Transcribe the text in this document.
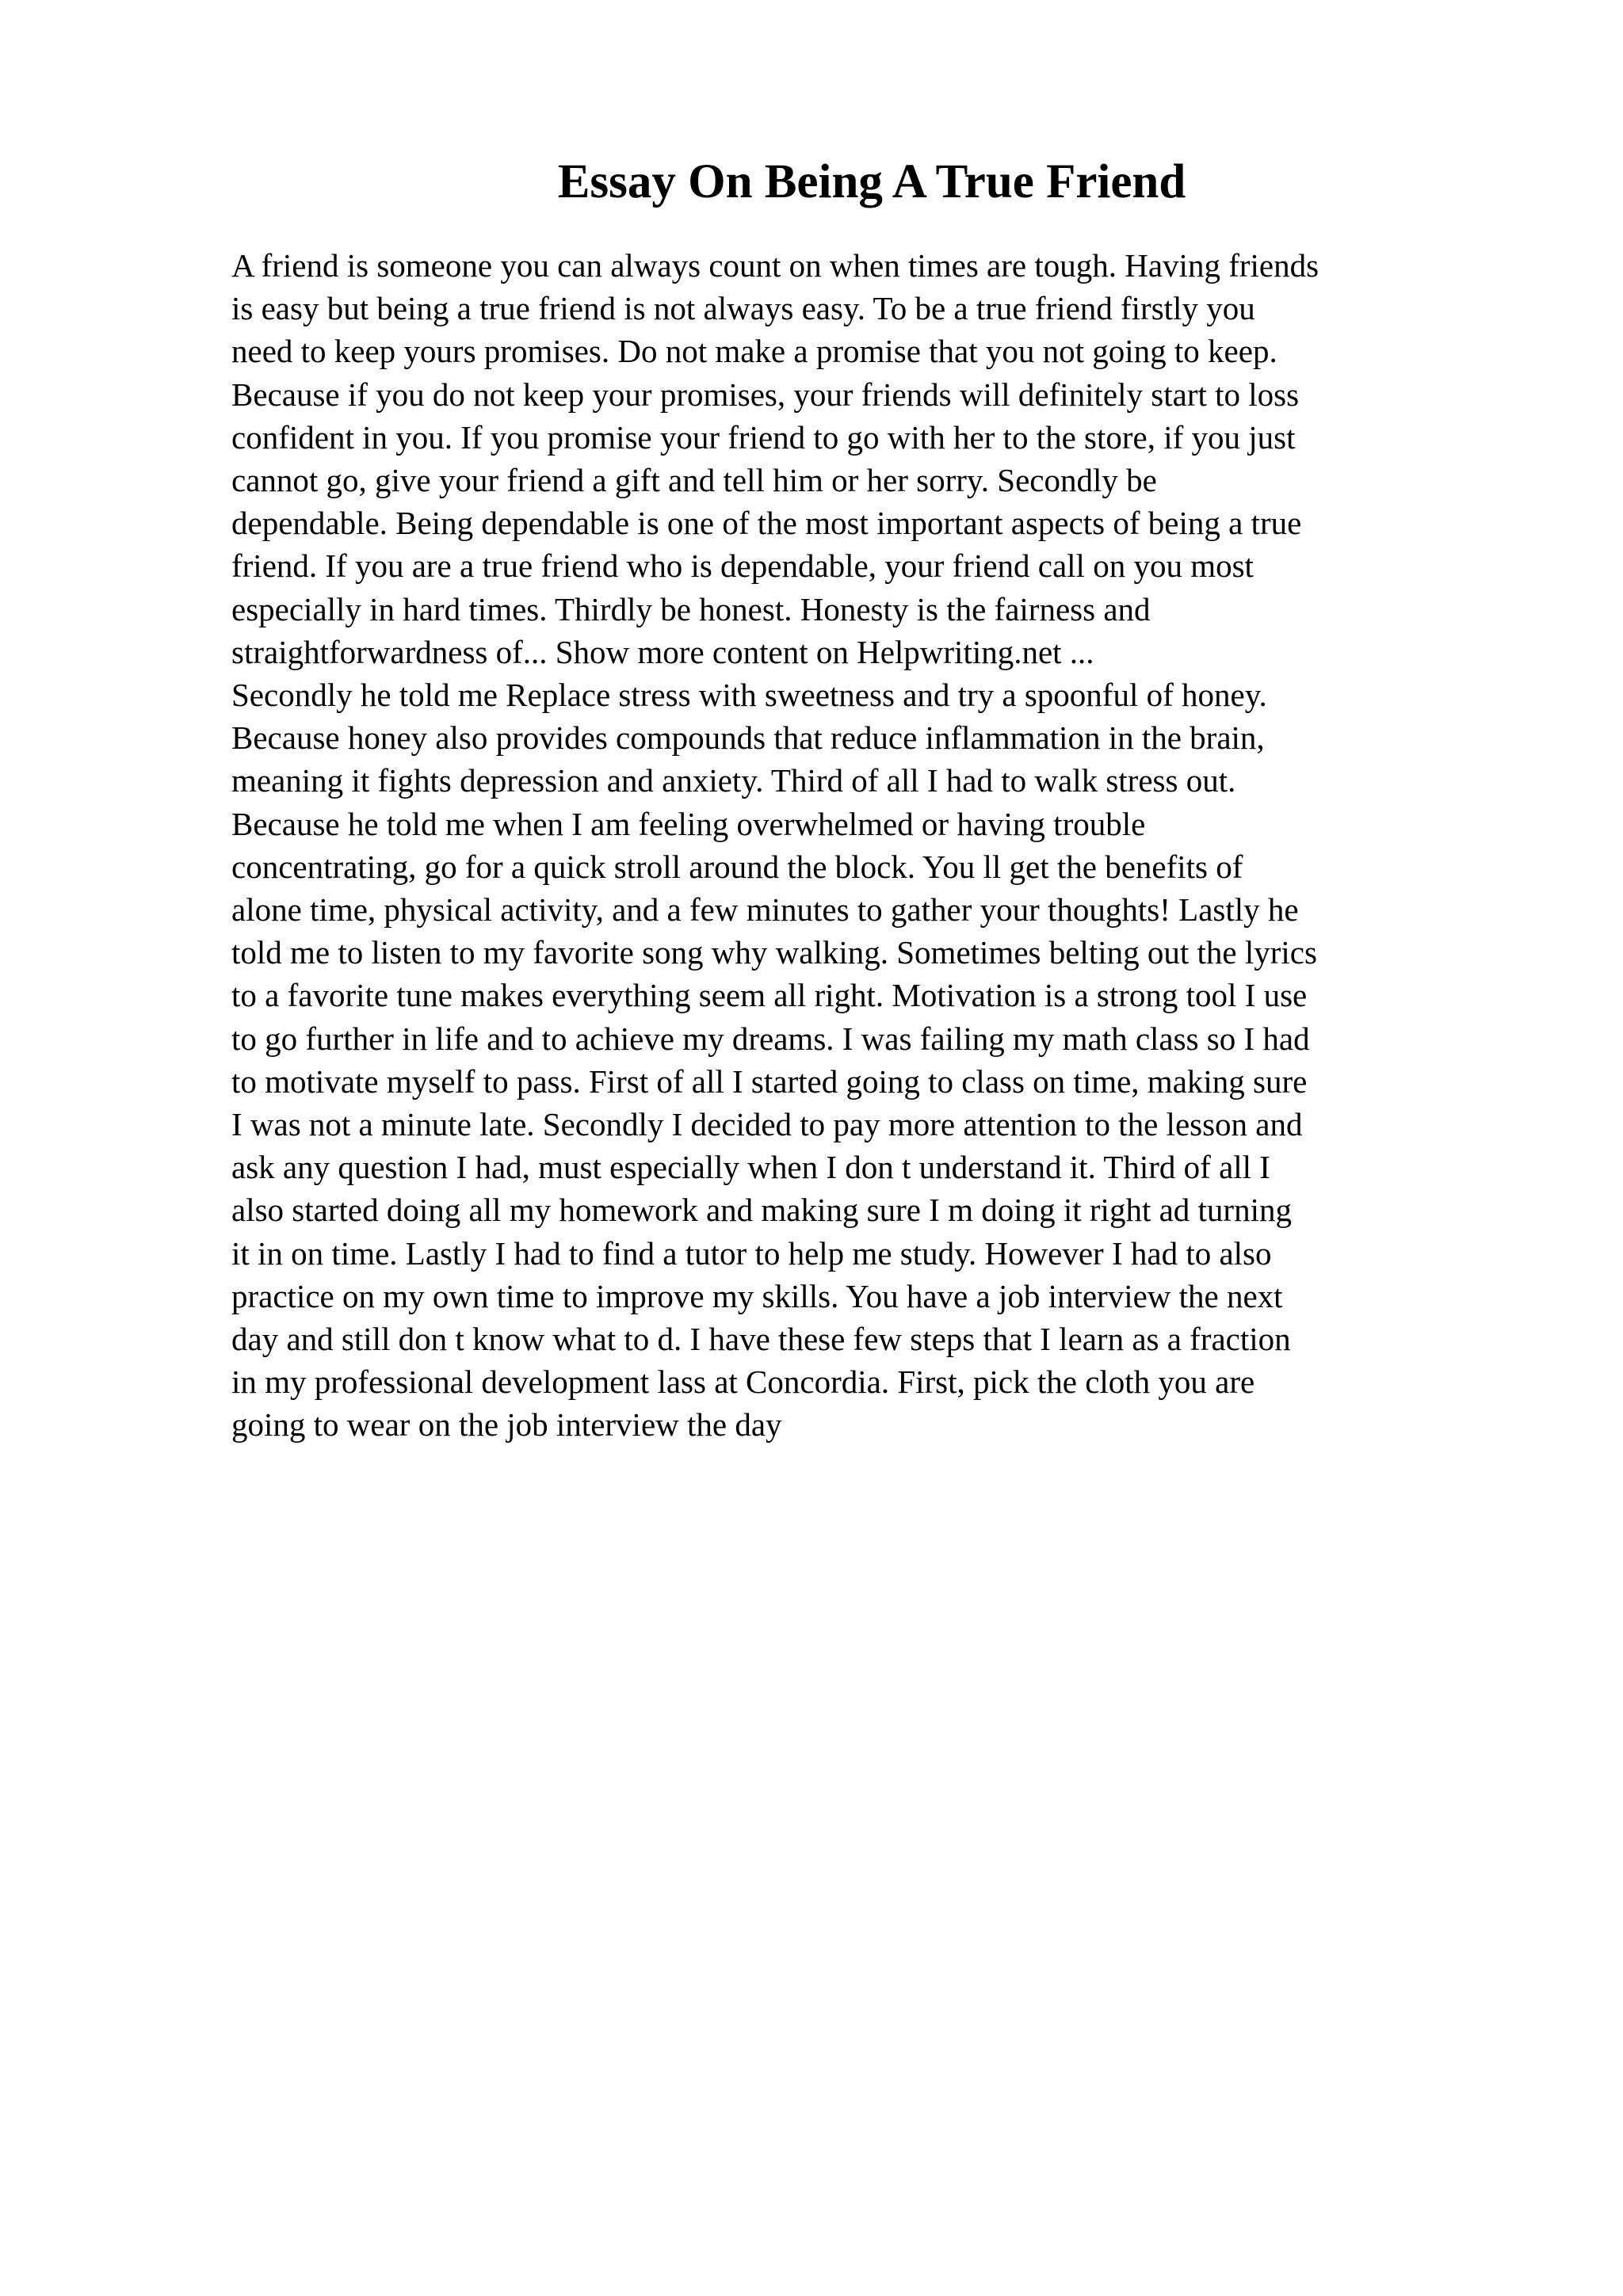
Essay On Being A True Friend
A friend is someone you can always count on when times are tough. Having friends
is easy but being a true friend is not always easy. To be a true friend firstly you
need to keep yours promises. Do not make a promise that you not going to keep.
Because if you do not keep your promises, your friends will definitely start to loss
confident in you. If you promise your friend to go with her to the store, if you just
cannot go, give your friend a gift and tell him or her sorry. Secondly be
dependable. Being dependable is one of the most important aspects of being a true
friend. If you are a true friend who is dependable, your friend call on you most
especially in hard times. Thirdly be honest. Honesty is the fairness and
straightforwardness of... Show more content on Helpwriting.net ...
Secondly he told me Replace stress with sweetness and try a spoonful of honey.
Because honey also provides compounds that reduce inflammation in the brain,
meaning it fights depression and anxiety. Third of all I had to walk stress out.
Because he told me when I am feeling overwhelmed or having trouble
concentrating, go for a quick stroll around the block. You ll get the benefits of
alone time, physical activity, and a few minutes to gather your thoughts! Lastly he
told me to listen to my favorite song why walking. Sometimes belting out the lyrics
to a favorite tune makes everything seem all right. Motivation is a strong tool I use
to go further in life and to achieve my dreams. I was failing my math class so I had
to motivate myself to pass. First of all I started going to class on time, making sure
I was not a minute late. Secondly I decided to pay more attention to the lesson and
ask any question I had, must especially when I don t understand it. Third of all I
also started doing all my homework and making sure I m doing it right ad turning
it in on time. Lastly I had to find a tutor to help me study. However I had to also
practice on my own time to improve my skills. You have a job interview the next
day and still don t know what to d. I have these few steps that I learn as a fraction
in my professional development lass at Concordia. First, pick the cloth you are
going to wear on the job interview the day
